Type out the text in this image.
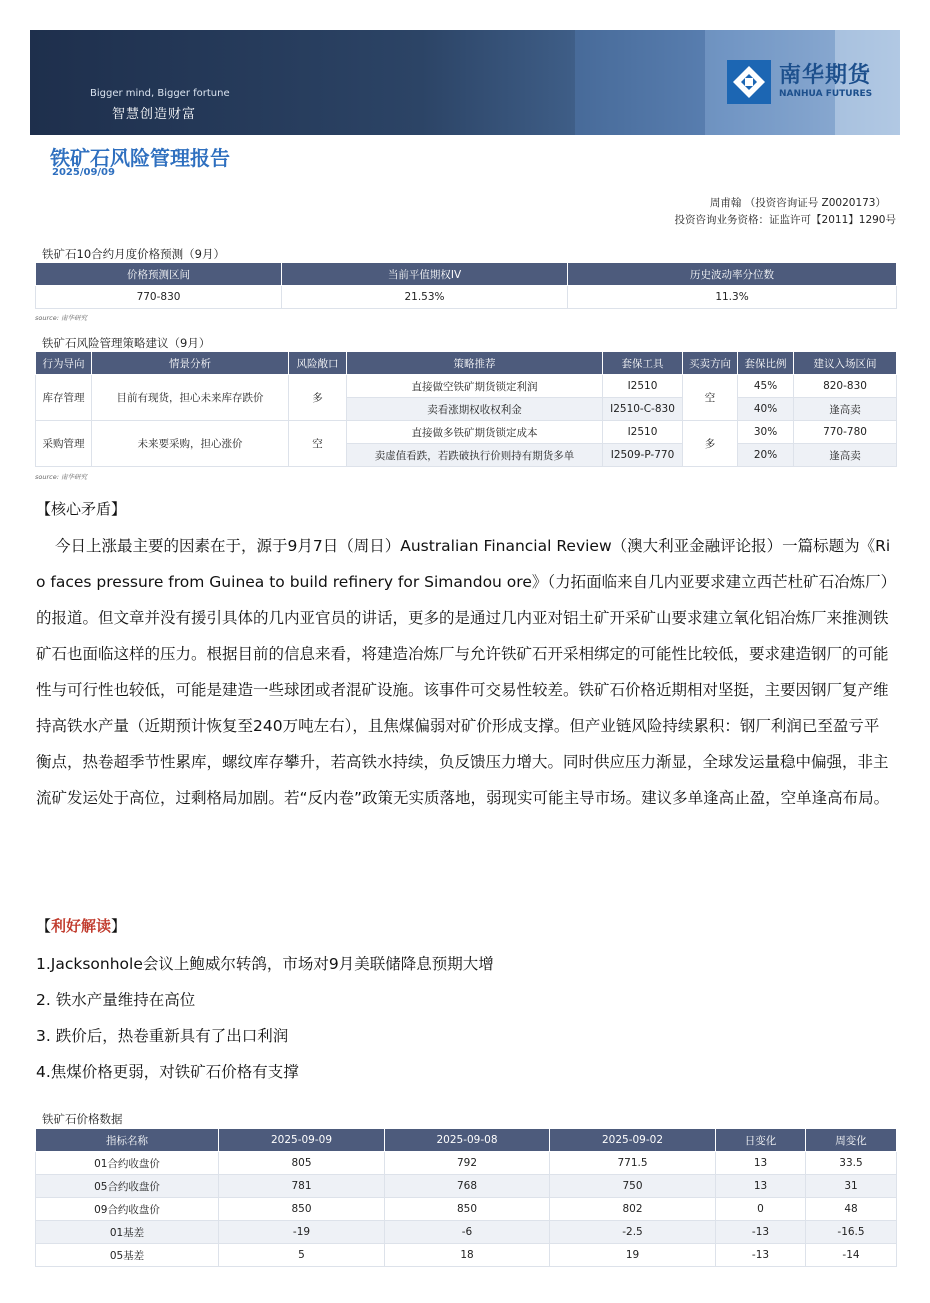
Bigger mind, Bigger fortune
智慧创造财富
南华期货
NANHUA FUTURES
铁矿石风险管理报告
2025/09/09
周甫翰 （投资咨询证号 Z0020173）
投资咨询业务资格：证监许可【2011】1290号
铁矿石10合约月度价格预测（9月）
价格预测区间	当前平值期权IV	历史波动率分位数
770-830	21.53%	11.3%
source: 南华研究
铁矿石风险管理策略建议（9月）
行为导向	情景分析	风险敞口	策略推荐	套保工具	买卖方向	套保比例	建议入场区间
库存管理	目前有现货，担心未来库存跌价	多	直接做空铁矿期货锁定利润	I2510	空	45%	820-830
			卖看涨期权收权利金	I2510-C-830		40%	逢高卖
采购管理	未来要采购，担心涨价	空	直接做多铁矿期货锁定成本	I2510	多	30%	770-780
			卖虚值看跌，若跌破执行价则持有期货多单	I2509-P-770		20%	逢高卖
source: 南华研究
【核心矛盾】

今日上涨最主要的因素在于，源于9月7日（周日）Australian Financial Review（澳大利亚金融评论报）一篇标题为《Rio faces pressure from Guinea to build refinery for Simandou ore》（力拓面临来自几内亚要求建立西芒杜矿石冶炼厂）的报道。但文章并没有援引具体的几内亚官员的讲话，更多的是通过几内亚对铝土矿开采矿山要求建立氧化铝冶炼厂来推测铁矿石也面临这样的压力。根据目前的信息来看，将建造冶炼厂与允许铁矿石开采相绑定的可能性比较低，要求建造钢厂的可能性与可行性也较低，可能是建造一些球团或者混矿设施。该事件可交易性较差。铁矿石价格近期相对坚挺，主要因钢厂复产维持高铁水产量（近期预计恢复至240万吨左右），且焦煤偏弱对矿价形成支撑。但产业链风险持续累积：钢厂利润已至盈亏平衡点，热卷超季节性累库，螺纹库存攀升，若高铁水持续，负反馈压力增大。同时供应压力渐显，全球发运量稳中偏强，非主流矿发运处于高位，过剩格局加剧。若“反内卷”政策无实质落地，弱现实可能主导市场。建议多单逢高止盈，空单逢高布局。

【利好解读】
1.Jacksonhole会议上鲍威尔转鸽，市场对9月美联储降息预期大增
2. 铁水产量维持在高位
3. 跌价后，热卷重新具有了出口利润
4.焦煤价格更弱，对铁矿石价格有支撑
铁矿石价格数据
指标名称	2025-09-09	2025-09-08	2025-09-02	日变化	周变化
01合约收盘价	805	792	771.5	13	33.5
05合约收盘价	781	768	750	13	31
09合约收盘价	850	850	802	0	48
01基差	-19	-6	-2.5	-13	-16.5
05基差	5	18	19	-13	-14
